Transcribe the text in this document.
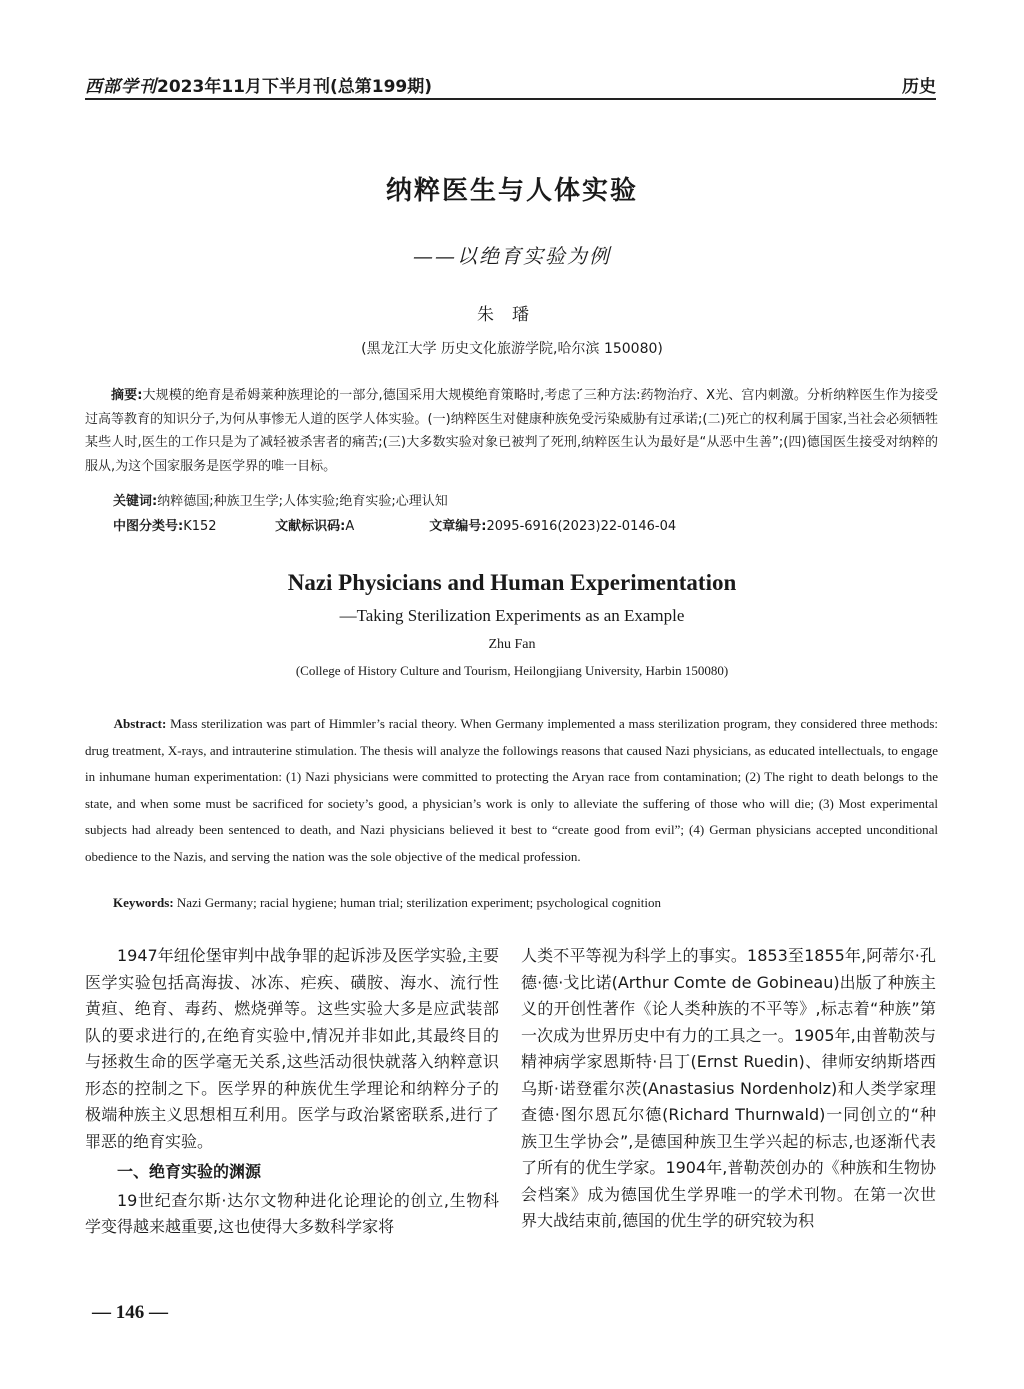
西部学刊2023年11月下半月刊(总第199期)	历史
纳粹医生与人体实验
——以绝育实验为例
朱璠
(黑龙江大学 历史文化旅游学院,哈尔滨 150080)
摘要:大规模的绝育是希姆莱种族理论的一部分,德国采用大规模绝育策略时,考虑了三种方法:药物治疗、X光、宫内刺激。分析纳粹医生作为接受过高等教育的知识分子,为何从事惨无人道的医学人体实验。(一)纳粹医生对健康种族免受污染威胁有过承诺;(二)死亡的权利属于国家,当社会必须牺牲某些人时,医生的工作只是为了减轻被杀害者的痛苦;(三)大多数实验对象已被判了死刑,纳粹医生认为最好是“从恶中生善”;(四)德国医生接受对纳粹的服从,为这个国家服务是医学界的唯一目标。
关键词:纳粹德国;种族卫生学;人体实验;绝育实验;心理认知
中图分类号:K152	文献标识码:A	文章编号:2095-6916(2023)22-0146-04
Nazi Physicians and Human Experimentation
—Taking Sterilization Experiments as an Example
Zhu Fan
(College of History Culture and Tourism, Heilongjiang University, Harbin 150080)
Abstract: Mass sterilization was part of Himmler’s racial theory. When Germany implemented a mass sterilization program, they considered three methods: drug treatment, X-rays, and intrauterine stimulation. The thesis will analyze the followings reasons that caused Nazi physicians, as educated intellectuals, to engage in inhumane human experimentation: (1) Nazi physicians were committed to protecting the Aryan race from contamination; (2) The right to death belongs to the state, and when some must be sacrificed for society’s good, a physician’s work is only to alleviate the suffering of those who will die; (3) Most experimental subjects had already been sentenced to death, and Nazi physicians believed it best to “create good from evil”; (4) German physicians accepted unconditional obedience to the Nazis, and serving the nation was the sole objective of the medical profession.
Keywords: Nazi Germany; racial hygiene; human trial; sterilization experiment; psychological cognition

1947年纽伦堡审判中战争罪的起诉涉及医学实验,主要医学实验包括高海拔、冰冻、疟疾、磺胺、海水、流行性黄疸、绝育、毒药、燃烧弹等。这些实验大多是应武装部队的要求进行的,在绝育实验中,情况并非如此,其最终目的与拯救生命的医学毫无关系,这些活动很快就落入纳粹意识形态的控制之下。医学界的种族优生学理论和纳粹分子的极端种族主义思想相互利用。医学与政治紧密联系,进行了罪恶的绝育实验。

一、绝育实验的渊源

19世纪查尔斯·达尔文物种进化论理论的创立,生物科学变得越来越重要,这也使得大多数科学家将

人类不平等视为科学上的事实。1853至1855年,阿蒂尔·孔德·德·戈比诺(Arthur Comte de Gobineau)出版了种族主义的开创性著作《论人类种族的不平等》,标志着“种族”第一次成为世界历史中有力的工具之一。1905年,由普勒茨与精神病学家恩斯特·吕丁(Ernst Ruedin)、律师安纳斯塔西乌斯·诺登霍尔茨(Anastasius Nordenholz)和人类学家理查德·图尔恩瓦尔德(Richard Thurnwald)一同创立的“种族卫生学协会”,是德国种族卫生学兴起的标志,也逐渐代表了所有的优生学家。1904年,普勒茨创办的《种族和生物协会档案》成为德国优生学界唯一的学术刊物。在第一次世界大战结束前,德国的优生学的研究较为积

— 146 —
